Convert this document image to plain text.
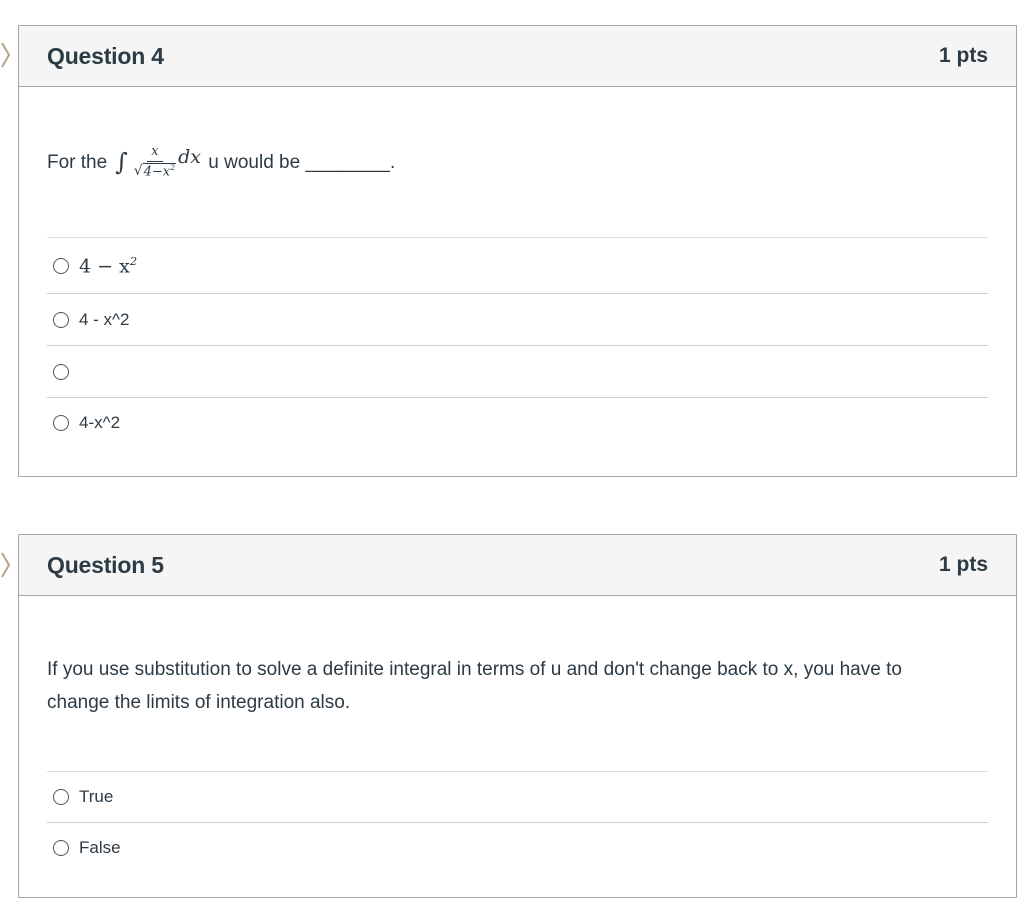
Question 4	1 pts
For the ∫ $\frac{x}{√ 4-x^2}$ dx u would be ________.
$4 - x^2$
4 - x^2
4-x^2
Question 5	1 pts
If you use substitution to solve a definite integral in terms of u and don't change back to x, you have to change the limits of integration also.
True
False
